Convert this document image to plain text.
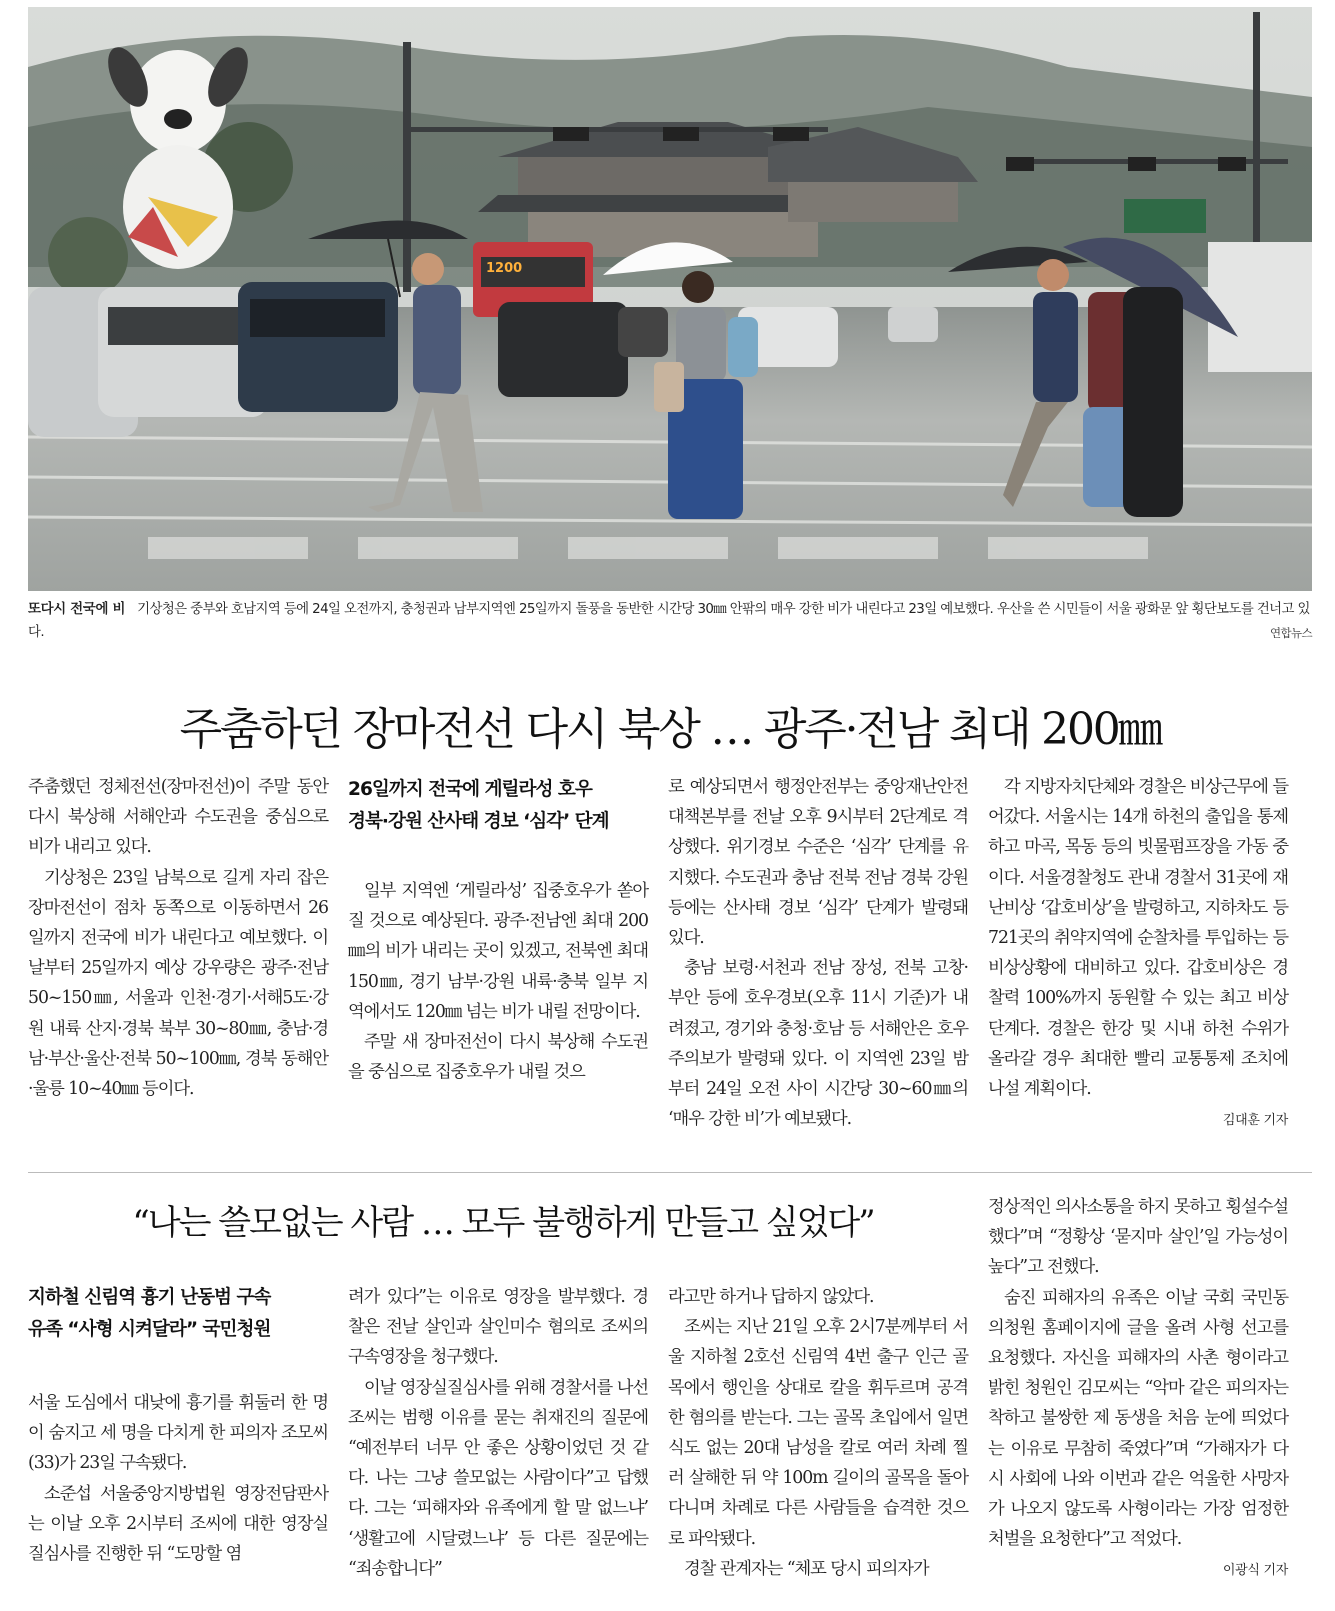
1200
또다시 전국에 비 기상청은 중부와 호남지역 등에 24일 오전까지, 충청권과 남부지역엔 25일까지 돌풍을 동반한 시간당 30㎜ 안팎의 매우 강한 비가 내린다고 23일 예보했다. 우산을 쓴 시민들이 서울 광화문 앞 횡단보도를 건너고 있다.	연합뉴스
주춤하던 장마전선 다시 북상 … 광주·전남 최대 200㎜

주춤했던 정체전선(장마전선)이 주말 동안 다시 북상해 서해안과 수도권을 중심으로 비가 내리고 있다.

기상청은 23일 남북으로 길게 자리 잡은 장마전선이 점차 동쪽으로 이동하면서 26일까지 전국에 비가 내린다고 예보했다. 이날부터 25일까지 예상 강우량은 광주·전남 50~150㎜, 서울과 인천·경기·서해5도·강원 내륙 산지·경북 북부 30~80㎜, 충남·경남·부산·울산·전북 50~100㎜, 경북 동해안·울릉 10~40㎜ 등이다.

26일까지 전국에 게릴라성 호우
경북·강원 산사태 경보 ‘심각’ 단계

일부 지역엔 ‘게릴라성’ 집중호우가 쏟아질 것으로 예상된다. 광주·전남엔 최대 200㎜의 비가 내리는 곳이 있겠고, 전북엔 최대 150㎜, 경기 남부·강원 내륙·충북 일부 지역에서도 120㎜ 넘는 비가 내릴 전망이다.

주말 새 장마전선이 다시 북상해 수도권을 중심으로 집중호우가 내릴 것으

로 예상되면서 행정안전부는 중앙재난안전대책본부를 전날 오후 9시부터 2단계로 격상했다. 위기경보 수준은 ‘심각’ 단계를 유지했다. 수도권과 충남 전북 전남 경북 강원 등에는 산사태 경보 ‘심각’ 단계가 발령돼 있다.

충남 보령·서천과 전남 장성, 전북 고창·부안 등에 호우경보(오후 11시 기준)가 내려졌고, 경기와 충청·호남 등 서해안은 호우주의보가 발령돼 있다. 이 지역엔 23일 밤부터 24일 오전 사이 시간당 30~60㎜의 ‘매우 강한 비’가 예보됐다.

각 지방자치단체와 경찰은 비상근무에 들어갔다. 서울시는 14개 하천의 출입을 통제하고 마곡, 목동 등의 빗물펌프장을 가동 중이다. 서울경찰청도 관내 경찰서 31곳에 재난비상 ‘갑호비상’을 발령하고, 지하차도 등 721곳의 취약지역에 순찰차를 투입하는 등 비상상황에 대비하고 있다. 갑호비상은 경찰력 100%까지 동원할 수 있는 최고 비상단계다. 경찰은 한강 및 시내 하천 수위가 올라갈 경우 최대한 빨리 교통통제 조치에 나설 계획이다.

김대훈 기자
“나는 쓸모없는 사람 … 모두 불행하게 만들고 싶었다”
지하철 신림역 흉기 난동범 구속
유족 “사형 시켜달라” 국민청원

서울 도심에서 대낮에 흉기를 휘둘러 한 명이 숨지고 세 명을 다치게 한 피의자 조모씨(33)가 23일 구속됐다.

소준섭 서울중앙지방법원 영장전담판사는 이날 오후 2시부터 조씨에 대한 영장실질심사를 진행한 뒤 “도망할 염

려가 있다”는 이유로 영장을 발부했다. 경찰은 전날 살인과 살인미수 혐의로 조씨의 구속영장을 청구했다.

이날 영장실질심사를 위해 경찰서를 나선 조씨는 범행 이유를 묻는 취재진의 질문에 “예전부터 너무 안 좋은 상황이었던 것 같다. 나는 그냥 쓸모없는 사람이다”고 답했다. 그는 ‘피해자와 유족에게 할 말 없느냐’ ‘생활고에 시달렸느냐’ 등 다른 질문에는 “죄송합니다”

라고만 하거나 답하지 않았다.

조씨는 지난 21일 오후 2시7분께부터 서울 지하철 2호선 신림역 4번 출구 인근 골목에서 행인을 상대로 칼을 휘두르며 공격한 혐의를 받는다. 그는 골목 초입에서 일면식도 없는 20대 남성을 칼로 여러 차례 찔러 살해한 뒤 약 100m 길이의 골목을 돌아다니며 차례로 다른 사람들을 습격한 것으로 파악됐다.

경찰 관계자는 “체포 당시 피의자가

정상적인 의사소통을 하지 못하고 횡설수설했다”며 “정황상 ‘묻지마 살인’일 가능성이 높다”고 전했다.

숨진 피해자의 유족은 이날 국회 국민동의청원 홈페이지에 글을 올려 사형 선고를 요청했다. 자신을 피해자의 사촌 형이라고 밝힌 청원인 김모씨는 “악마 같은 피의자는 착하고 불쌍한 제 동생을 처음 눈에 띄었다는 이유로 무참히 죽였다”며 “가해자가 다시 사회에 나와 이번과 같은 억울한 사망자가 나오지 않도록 사형이라는 가장 엄정한 처벌을 요청한다”고 적었다.

이광식 기자
